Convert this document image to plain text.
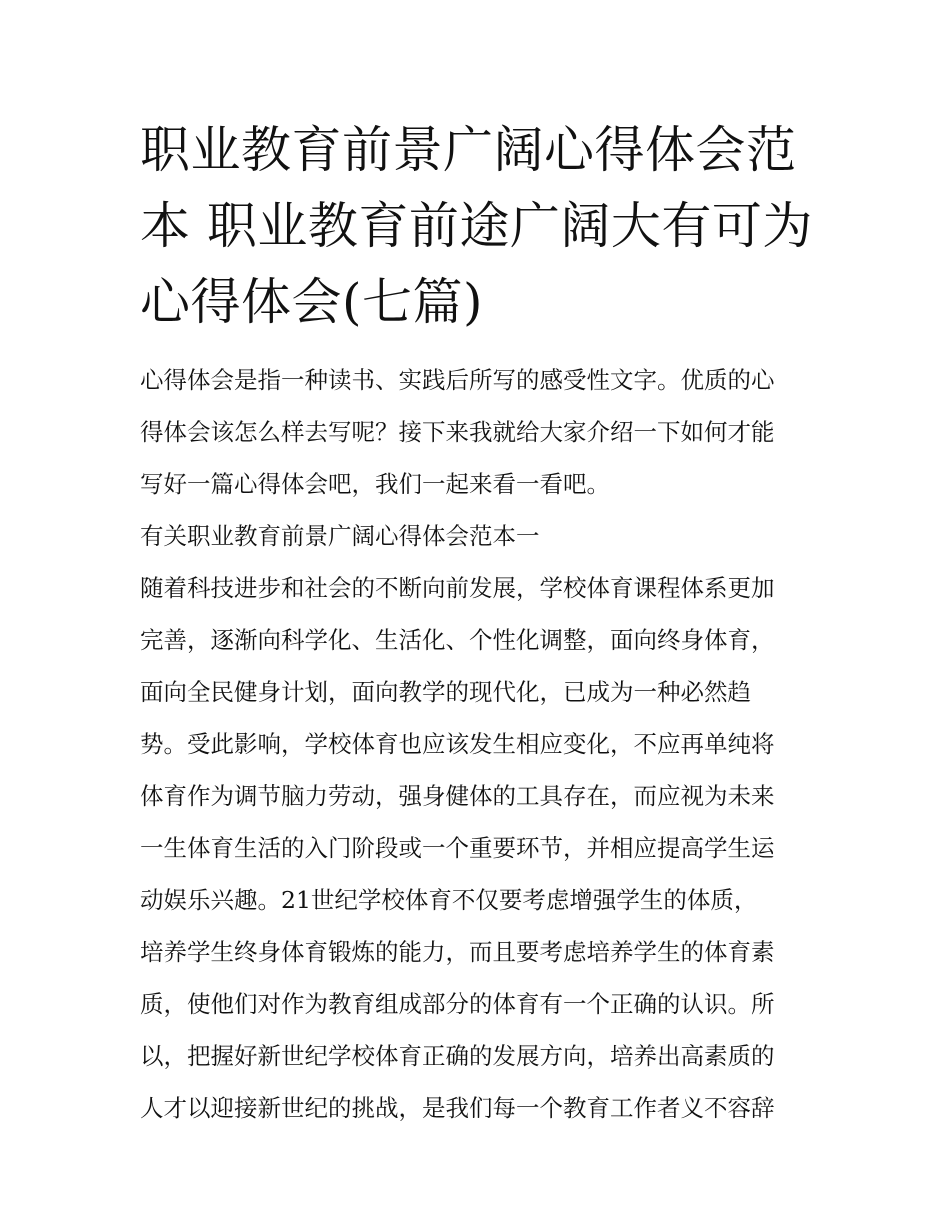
职业教育前景广阔心得体会范
本 职业教育前途广阔大有可为
心得体会(七篇)
心得体会是指一种读书、实践后所写的感受性文字。优质的心
得体会该怎么样去写呢？接下来我就给大家介绍一下如何才能
写好一篇心得体会吧，我们一起来看一看吧。
有关职业教育前景广阔心得体会范本一
随着科技进步和社会的不断向前发展，学校体育课程体系更加
完善，逐渐向科学化、生活化、个性化调整，面向终身体育，
面向全民健身计划，面向教学的现代化，已成为一种必然趋
势。受此影响，学校体育也应该发生相应变化，不应再单纯将
体育作为调节脑力劳动，强身健体的工具存在，而应视为未来
一生体育生活的入门阶段或一个重要环节，并相应提高学生运
动娱乐兴趣。21世纪学校体育不仅要考虑增强学生的体质，
培养学生终身体育锻炼的能力，而且要考虑培养学生的体育素
质，使他们对作为教育组成部分的体育有一个正确的认识。所
以，把握好新世纪学校体育正确的发展方向，培养出高素质的
人才以迎接新世纪的挑战，是我们每一个教育工作者义不容辞
